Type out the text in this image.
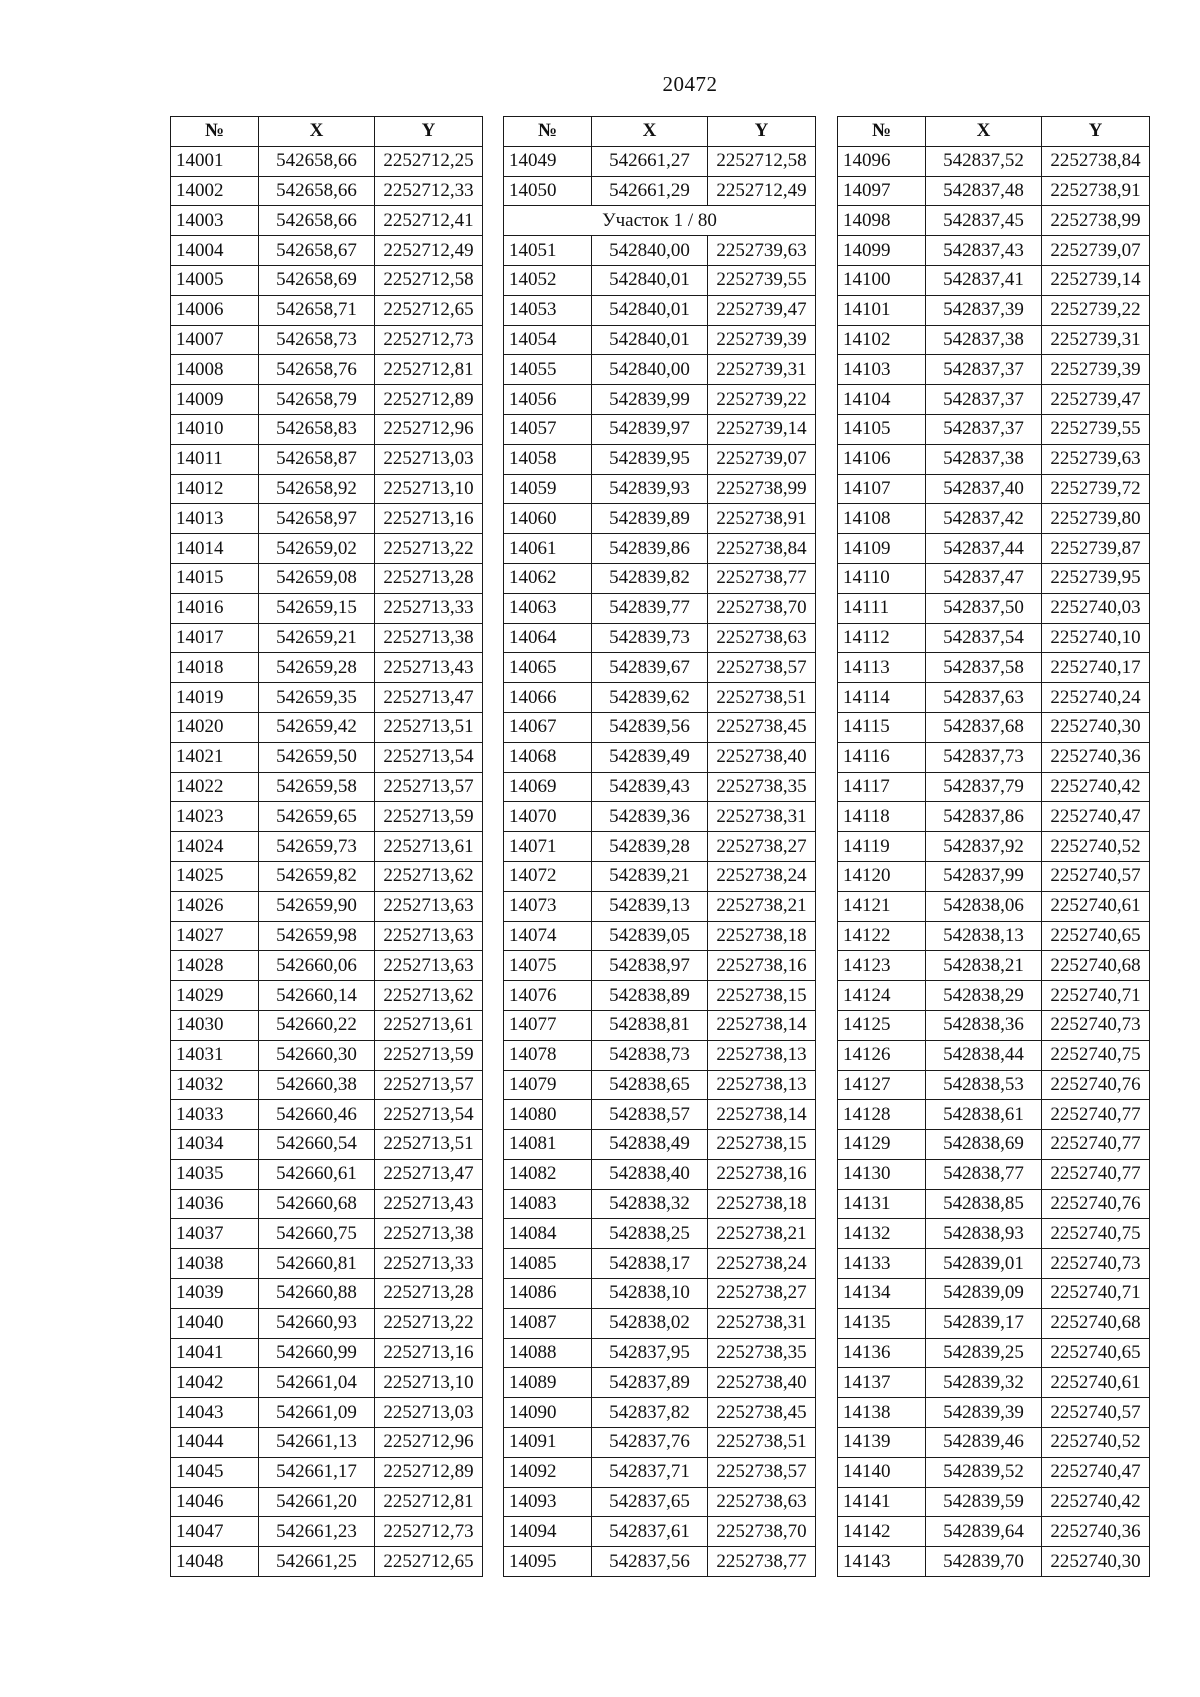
20472
№	X	Y
14001	542658,66	2252712,25
14002	542658,66	2252712,33
14003	542658,66	2252712,41
14004	542658,67	2252712,49
14005	542658,69	2252712,58
14006	542658,71	2252712,65
14007	542658,73	2252712,73
14008	542658,76	2252712,81
14009	542658,79	2252712,89
14010	542658,83	2252712,96
14011	542658,87	2252713,03
14012	542658,92	2252713,10
14013	542658,97	2252713,16
14014	542659,02	2252713,22
14015	542659,08	2252713,28
14016	542659,15	2252713,33
14017	542659,21	2252713,38
14018	542659,28	2252713,43
14019	542659,35	2252713,47
14020	542659,42	2252713,51
14021	542659,50	2252713,54
14022	542659,58	2252713,57
14023	542659,65	2252713,59
14024	542659,73	2252713,61
14025	542659,82	2252713,62
14026	542659,90	2252713,63
14027	542659,98	2252713,63
14028	542660,06	2252713,63
14029	542660,14	2252713,62
14030	542660,22	2252713,61
14031	542660,30	2252713,59
14032	542660,38	2252713,57
14033	542660,46	2252713,54
14034	542660,54	2252713,51
14035	542660,61	2252713,47
14036	542660,68	2252713,43
14037	542660,75	2252713,38
14038	542660,81	2252713,33
14039	542660,88	2252713,28
14040	542660,93	2252713,22
14041	542660,99	2252713,16
14042	542661,04	2252713,10
14043	542661,09	2252713,03
14044	542661,13	2252712,96
14045	542661,17	2252712,89
14046	542661,20	2252712,81
14047	542661,23	2252712,73
14048	542661,25	2252712,65
№	X	Y
14049	542661,27	2252712,58
14050	542661,29	2252712,49
Участок 1 / 80		
14051	542840,00	2252739,63
14052	542840,01	2252739,55
14053	542840,01	2252739,47
14054	542840,01	2252739,39
14055	542840,00	2252739,31
14056	542839,99	2252739,22
14057	542839,97	2252739,14
14058	542839,95	2252739,07
14059	542839,93	2252738,99
14060	542839,89	2252738,91
14061	542839,86	2252738,84
14062	542839,82	2252738,77
14063	542839,77	2252738,70
14064	542839,73	2252738,63
14065	542839,67	2252738,57
14066	542839,62	2252738,51
14067	542839,56	2252738,45
14068	542839,49	2252738,40
14069	542839,43	2252738,35
14070	542839,36	2252738,31
14071	542839,28	2252738,27
14072	542839,21	2252738,24
14073	542839,13	2252738,21
14074	542839,05	2252738,18
14075	542838,97	2252738,16
14076	542838,89	2252738,15
14077	542838,81	2252738,14
14078	542838,73	2252738,13
14079	542838,65	2252738,13
14080	542838,57	2252738,14
14081	542838,49	2252738,15
14082	542838,40	2252738,16
14083	542838,32	2252738,18
14084	542838,25	2252738,21
14085	542838,17	2252738,24
14086	542838,10	2252738,27
14087	542838,02	2252738,31
14088	542837,95	2252738,35
14089	542837,89	2252738,40
14090	542837,82	2252738,45
14091	542837,76	2252738,51
14092	542837,71	2252738,57
14093	542837,65	2252738,63
14094	542837,61	2252738,70
14095	542837,56	2252738,77
№	X	Y
14096	542837,52	2252738,84
14097	542837,48	2252738,91
14098	542837,45	2252738,99
14099	542837,43	2252739,07
14100	542837,41	2252739,14
14101	542837,39	2252739,22
14102	542837,38	2252739,31
14103	542837,37	2252739,39
14104	542837,37	2252739,47
14105	542837,37	2252739,55
14106	542837,38	2252739,63
14107	542837,40	2252739,72
14108	542837,42	2252739,80
14109	542837,44	2252739,87
14110	542837,47	2252739,95
14111	542837,50	2252740,03
14112	542837,54	2252740,10
14113	542837,58	2252740,17
14114	542837,63	2252740,24
14115	542837,68	2252740,30
14116	542837,73	2252740,36
14117	542837,79	2252740,42
14118	542837,86	2252740,47
14119	542837,92	2252740,52
14120	542837,99	2252740,57
14121	542838,06	2252740,61
14122	542838,13	2252740,65
14123	542838,21	2252740,68
14124	542838,29	2252740,71
14125	542838,36	2252740,73
14126	542838,44	2252740,75
14127	542838,53	2252740,76
14128	542838,61	2252740,77
14129	542838,69	2252740,77
14130	542838,77	2252740,77
14131	542838,85	2252740,76
14132	542838,93	2252740,75
14133	542839,01	2252740,73
14134	542839,09	2252740,71
14135	542839,17	2252740,68
14136	542839,25	2252740,65
14137	542839,32	2252740,61
14138	542839,39	2252740,57
14139	542839,46	2252740,52
14140	542839,52	2252740,47
14141	542839,59	2252740,42
14142	542839,64	2252740,36
14143	542839,70	2252740,30
